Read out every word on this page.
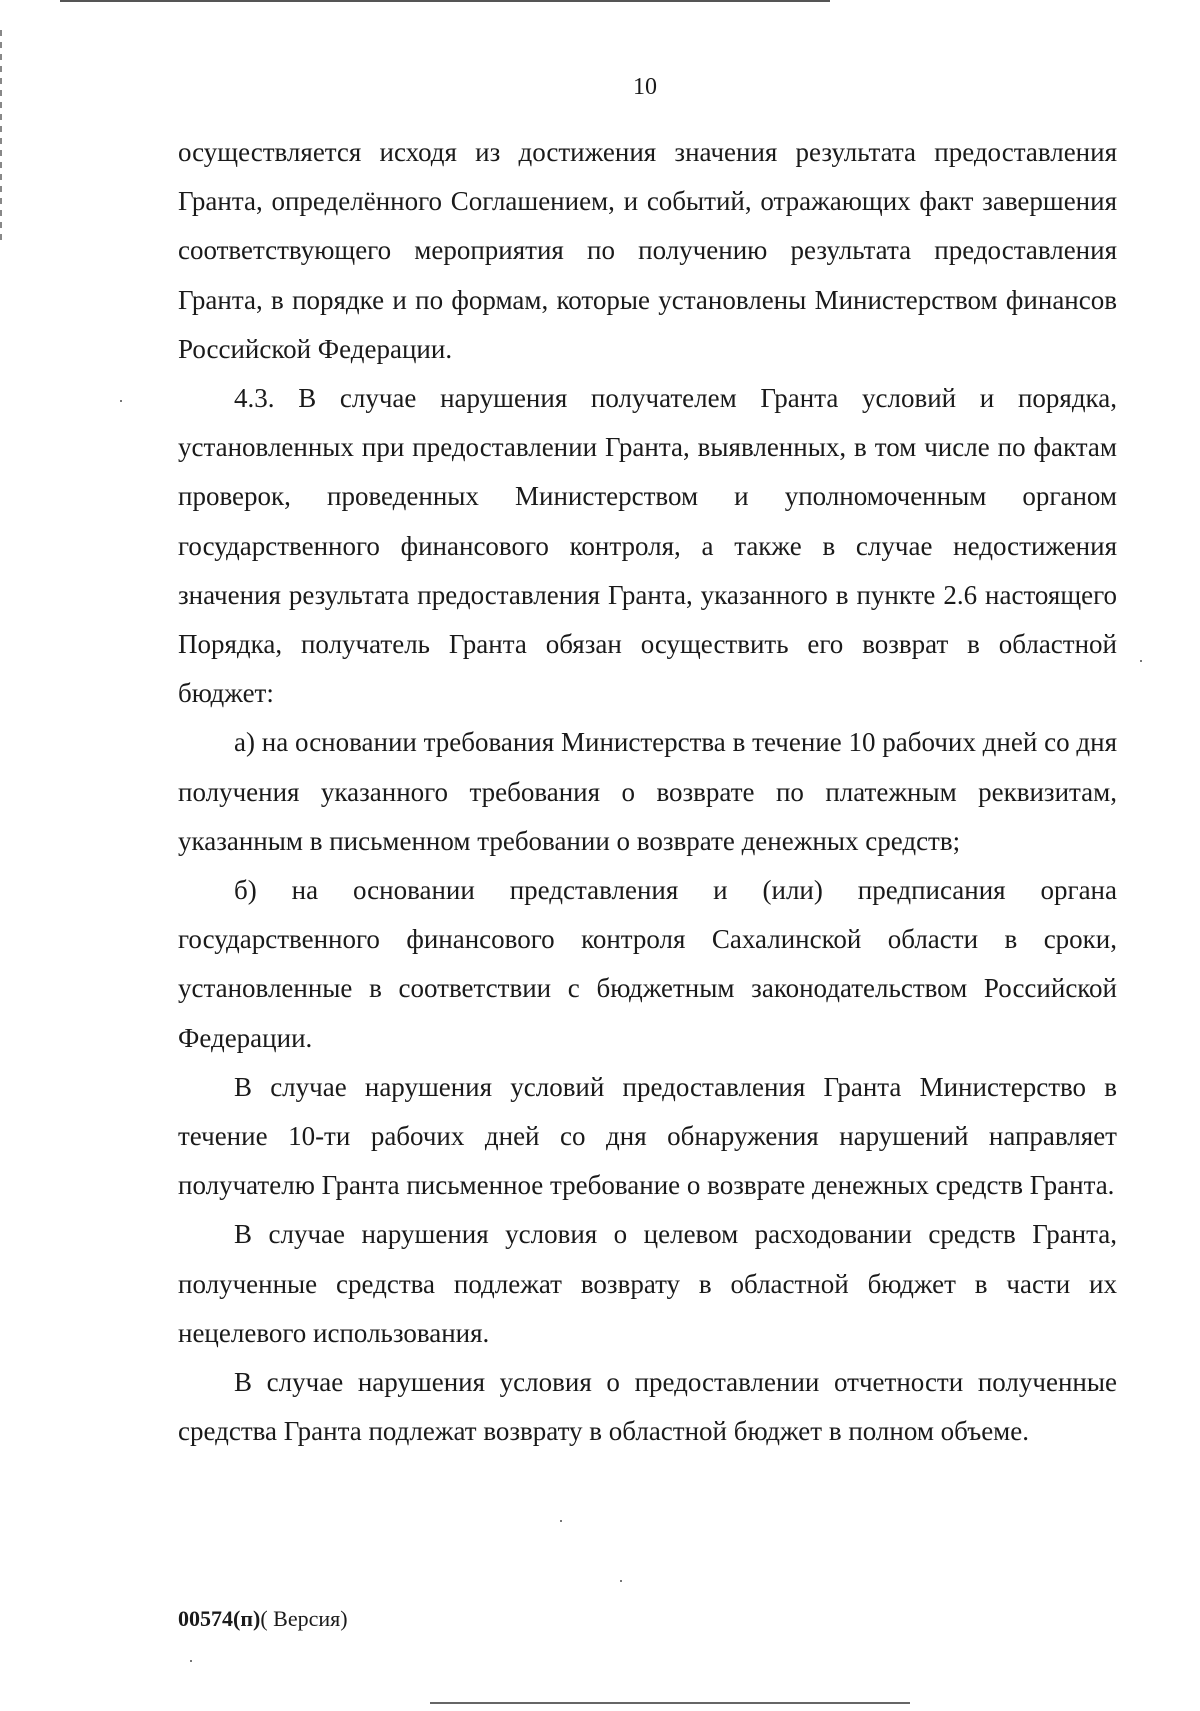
10

осуществляется исходя из достижения значения результата предоставления Гранта, определённого Соглашением, и событий, отражающих факт завершения соответствующего мероприятия по получению результата предоставления Гранта, в порядке и по формам, которые установлены Министерством финансов Российской Федерации.

4.3. В случае нарушения получателем Гранта условий и порядка, установленных при предоставлении Гранта, выявленных, в том числе по фактам проверок, проведенных Министерством и уполномоченным органом государственного финансового контроля, а также в случае недостижения значения результата предоставления Гранта, указанного в пункте 2.6 настоящего Порядка, получатель Гранта обязан осуществить его возврат в областной бюджет:

а) на основании требования Министерства в течение 10 рабочих дней со дня получения указанного требования о возврате по платежным реквизитам, указанным в письменном требовании о возврате денежных средств;

б) на основании представления и (или) предписания органа государственного финансового контроля Сахалинской области в сроки, установленные в соответствии с бюджетным законодательством Российской Федерации.

В случае нарушения условий предоставления Гранта Министерство в течение 10-ти рабочих дней со дня обнаружения нарушений направляет получателю Гранта письменное требование о возврате денежных средств Гранта.

В случае нарушения условия о целевом расходовании средств Гранта, полученные средства подлежат возврату в областной бюджет в части их нецелевого использования.

В случае нарушения условия о предоставлении отчетности полученные средства Гранта подлежат возврату в областной бюджет в полном объеме.

00574(п)( Версия)
